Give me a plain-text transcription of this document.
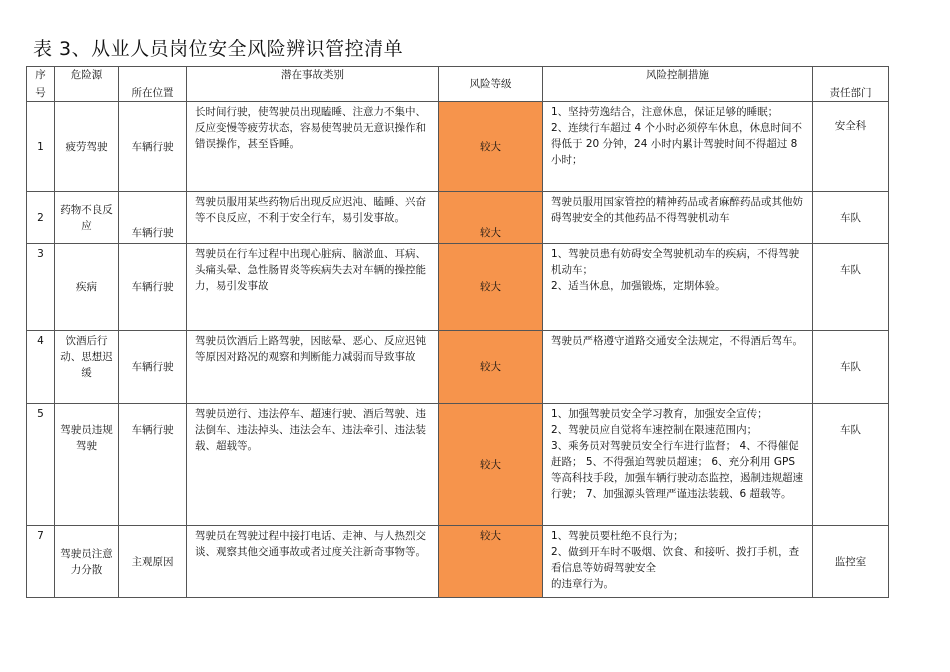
表 3、从业人员岗位安全风险辨识管控清单
序
号	危险源	所在位置	潜在事故类别	风险等级	风险控制措施	责任部门
1	疲劳驾驶	车辆行驶	长时间行驶，使驾驶员出现瞌睡、注意力不集中、反应变慢等疲劳状态，容易使驾驶员无意识操作和错误操作，甚至昏睡。	较大	1、坚持劳逸结合，注意休息，保证足够的睡眠；
2、连续行车超过 4 个小时必须停车休息，休息时间不得低于 20 分钟，24 小时内累计驾驶时间不得超过 8 小时；	安全科
2	药物不良反应	车辆行驶	驾驶员服用某些药物后出现反应迟沌、瞌睡、兴奋等不良反应，不利于安全行车，易引发事故。	较大	驾驶员服用国家管控的精神药品或者麻醉药品或其他妨碍驾驶安全的其他药品不得驾驶机动车	车队
3	疾病	车辆行驶	驾驶员在行车过程中出现心脏病、脑淤血、耳病、头痛头晕、急性肠胃炎等疾病失去对车辆的操控能力，易引发事故	较大	1、驾驶员患有妨碍安全驾驶机动车的疾病，不得驾驶机动车；
2、适当休息，加强锻炼，定期体验。	车队
4	饮酒后行动、思想迟缓	车辆行驶	驾驶员饮酒后上路驾驶，因眩晕、恶心、反应迟钝等原因对路况的观察和判断能力减弱而导致事故	较大	驾驶员严格遵守道路交通安全法规定，不得酒后驾车。	车队
5	驾驶员违规驾驶	车辆行驶	驾驶员逆行、违法停车、超速行驶、酒后驾驶、违法倒车、违法掉头、违法会车、违法牵引、违法装载、超载等。	较大	1、加强驾驶员安全学习教育，加强安全宣传；
2、驾驶员应自觉将车速控制在限速范围内；
3、乘务员对驾驶员安全行车进行监督； 4、不得催促赶路； 5、不得强迫驾驶员超速； 6、充分利用 GPS 等高科技手段，加强车辆行驶动态监控，遏制违规超速行驶； 7、加强源头管理严谨违法装载、6 超载等。	车队
7	驾驶员注意力分散	主观原因	驾驶员在驾驶过程中接打电话、走神、与人热烈交谈、观察其他交通事故或者过度关注新奇事物等。	较大	1、驾驶员要杜绝不良行为；
2、做到开车时不吸烟、饮食、和接听、拨打手机，查看信息等妨碍驾驶安全
的违章行为。	监控室
